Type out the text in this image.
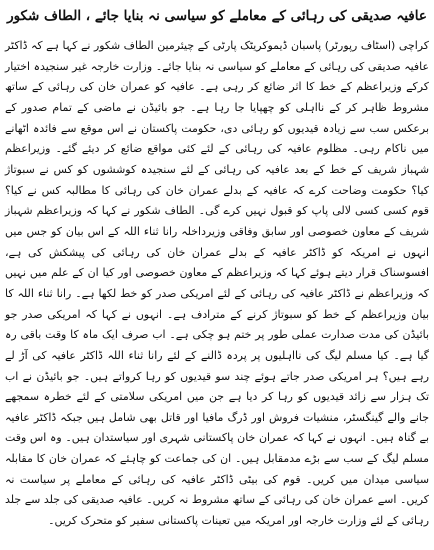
عافیہ صدیقی کی رہائی کے معاملے کو سیاسی نہ بنایا جائے ، الطاف شکور

کراچی (اسٹاف رپورٹر) پاسبان ڈیموکریٹک پارٹی کے چیئرمین الطاف شکور نے کہا ہے کہ ڈاکٹر عافیہ صدیقی کی رہائی کے معاملے کو سیاسی نہ بنایا جائے۔ وزارت خارجہ غیر سنجیدہ اختیار کرکے وزیراعظم کے خط کا اثر ضائع کر رہی ہے۔ عافیہ کو عمران خان کی رہائی کے ساتھ مشروط ظاہر کر کے نااہلی کو چھپایا جا رہا ہے۔ جو بائیڈن نے ماضی کے تمام صدور کے برعکس سب سے زیادہ قیدیوں کو رہائی دی، حکومت پاکستان نے اس موقع سے فائدہ اٹھانے میں ناکام رہی۔ مظلوم عافیہ کی رہائی کے لئے کئی مواقع ضائع کر دیئے گئے۔ وزیراعظم شہباز شریف کے خط کے بعد عافیہ کی رہائی کے لئے سنجیدہ کوششوں کو کس نے سبوتاژ کیا؟ حکومت وضاحت کرے کہ عافیہ کے بدلے عمران خان کی رہائی کا مطالبہ کس نے کیا؟ قوم کسی کسی لالی پاپ کو قبول نہیں کرے گی۔ الطاف شکور نے کہا کہ وزیراعظم شہباز شریف کے معاون خصوصی اور سابق وفاقی وزیرداخلہ رانا ثناء اللہ کے اس بیان کو جس میں انہوں نے امریکہ کو ڈاکٹر عافیہ کے بدلے عمران خان کی رہائی کی پیشکش کی ہے، افسوسناک قرار دیتے ہوئے کہا کہ وزیراعظم کے معاون خصوصی اور کیا ان کے علم میں نہیں کہ وزیراعظم نے ڈاکٹر عافیہ کی رہائی کے لئے امریکی صدر کو خط لکھا ہے۔ رانا ثناء اللہ کا بیان وزیراعظم کے خط کو سبوتاژ کرنے کے مترادف ہے۔ انہوں نے کہا کہ امریکی صدر جو بائیڈن کی مدت صدارت عملی طور پر ختم ہو چکی ہے۔ اب صرف ایک ماہ کا وقت باقی رہ گیا ہے۔ کیا مسلم لیگ کی نااہلیوں پر پردہ ڈالنے کے لئے رانا ثناء اللہ ڈاکٹر عافیہ کی آڑ لے رہے ہیں؟ ہر امریکی صدر جاتے ہوئے چند سو قیدیوں کو رہا کرواتے ہیں۔ جو بائیڈن نے اب تک ہزار سے زائد قیدیوں کو رہا کر دیا ہے جن میں امریکی سلامتی کے لئے خطرہ سمجھے جانے والے گینگسٹر، منشیات فروش اور ڈرگ مافیا اور قاتل بھی شامل ہیں جبکہ ڈاکٹر عافیہ بے گناہ ہیں۔ انہوں نے کہا کہ عمران خان پاکستانی شہری اور سیاستدان ہیں۔ وہ اس وقت مسلم لیگ کے سب سے بڑے مدمقابل ہیں۔ ان کی جماعت کو چاہئے کہ عمران خان کا مقابلہ سیاسی میدان میں کریں۔ قوم کی بیٹی ڈاکٹر عافیہ کی رہائی کے معاملے پر سیاست نہ کریں۔ اسے عمران خان کی رہائی کے ساتھ مشروط نہ کریں۔ عافیہ صدیقی کی جلد سے جلد رہائی کے لئے وزارت خارجہ اور امریکہ میں تعینات پاکستانی سفیر کو متحرک کریں۔
